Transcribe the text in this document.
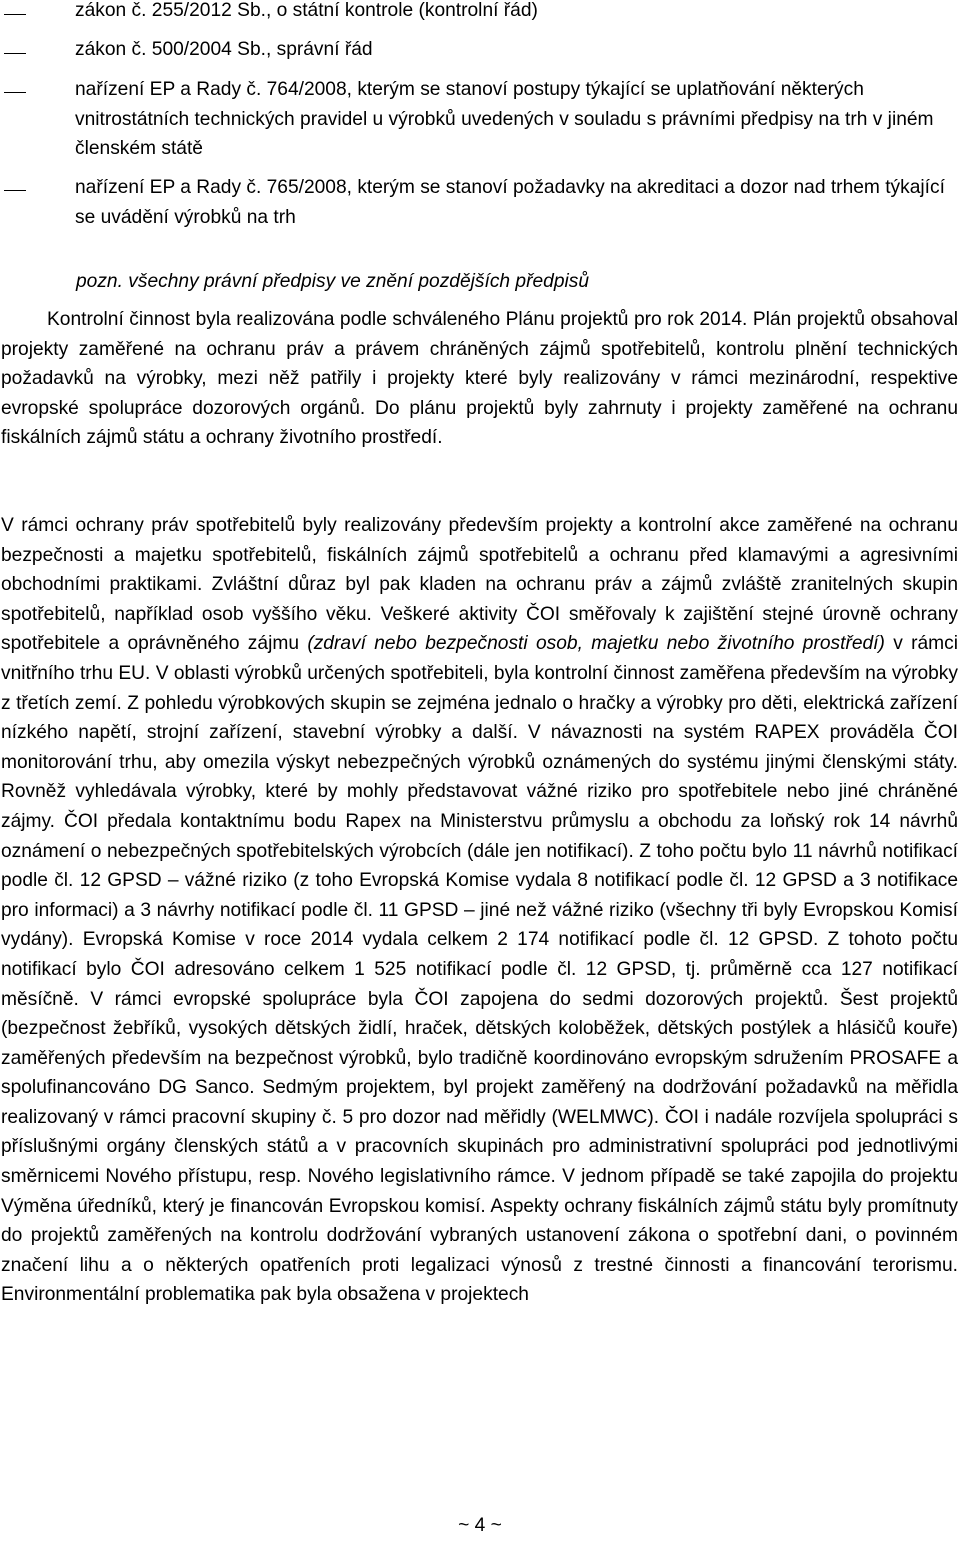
zákon č. 255/2012 Sb., o státní kontrole (kontrolní řád)
zákon č. 500/2004 Sb., správní řád
nařízení EP a Rady č. 764/2008, kterým se stanoví postupy týkající se uplatňování některých vnitrostátních technických pravidel u výrobků uvedených v souladu s právními předpisy na trh v jiném členském státě
nařízení EP a Rady č. 765/2008, kterým se stanoví požadavky na akreditaci a dozor nad trhem týkající se uvádění výrobků na trh
pozn. všechny právní předpisy ve znění pozdějších předpisů
Kontrolní činnost byla realizována podle schváleného Plánu projektů pro rok 2014. Plán projektů obsahoval projekty zaměřené na ochranu práv a právem chráněných zájmů spotřebitelů, kontrolu plnění technických požadavků na výrobky, mezi něž patřily i projekty které byly realizovány v rámci mezinárodní, respektive evropské spolupráce dozorových orgánů. Do plánu projektů byly zahrnuty i projekty zaměřené na ochranu fiskálních zájmů státu a ochrany životního prostředí.
V rámci ochrany práv spotřebitelů byly realizovány především projekty a kontrolní akce zaměřené na ochranu bezpečnosti a majetku spotřebitelů, fiskálních zájmů spotřebitelů a ochranu před klamavými a agresivními obchodními praktikami. Zvláštní důraz byl pak kladen na ochranu práv a zájmů zvláště zranitelných skupin spotřebitelů, například osob vyššího věku. Veškeré aktivity ČOI směřovaly k zajištění stejné úrovně ochrany spotřebitele a oprávněného zájmu (zdraví nebo bezpečnosti osob, majetku nebo životního prostředí) v rámci vnitřního trhu EU. V oblasti výrobků určených spotřebiteli, byla kontrolní činnost zaměřena především na výrobky z třetích zemí. Z pohledu výrobkových skupin se zejména jednalo o hračky a výrobky pro děti, elektrická zařízení nízkého napětí, strojní zařízení, stavební výrobky a další. V návaznosti na systém RAPEX prováděla ČOI monitorování trhu, aby omezila výskyt nebezpečných výrobků oznámených do systému jinými členskými státy. Rovněž vyhledávala výrobky, které by mohly představovat vážné riziko pro spotřebitele nebo jiné chráněné zájmy. ČOI předala kontaktnímu bodu Rapex na Ministerstvu průmyslu a obchodu za loňský rok 14 návrhů oznámení o nebezpečných spotřebitelských výrobcích (dále jen notifikací). Z toho počtu bylo 11 návrhů notifikací podle čl. 12 GPSD – vážné riziko (z toho Evropská Komise vydala 8 notifikací podle čl. 12 GPSD a 3 notifikace pro informaci) a 3 návrhy notifikací podle čl. 11 GPSD – jiné než vážné riziko (všechny tři byly Evropskou Komisí vydány). Evropská Komise v roce 2014 vydala celkem 2 174 notifikací podle čl. 12 GPSD. Z tohoto počtu notifikací bylo ČOI adresováno celkem 1 525 notifikací podle čl. 12 GPSD, tj. průměrně cca 127 notifikací měsíčně. V rámci evropské spolupráce byla ČOI zapojena do sedmi dozorových projektů. Šest projektů (bezpečnost žebříků, vysokých dětských židlí, hraček, dětských koloběžek, dětských postýlek a hlásičů kouře) zaměřených především na bezpečnost výrobků, bylo tradičně koordinováno evropským sdružením PROSAFE a spolufinancováno DG Sanco. Sedmým projektem, byl projekt zaměřený na dodržování požadavků na měřidla realizovaný v rámci pracovní skupiny č. 5 pro dozor nad měřidly (WELMWC). ČOI i nadále rozvíjela spolupráci s příslušnými orgány členských států a v pracovních skupinách pro administrativní spolupráci pod jednotlivými směrnicemi Nového přístupu, resp. Nového legislativního rámce. V jednom případě se také zapojila do projektu Výměna úředníků, který je financován Evropskou komisí. Aspekty ochrany fiskálních zájmů státu byly promítnuty do projektů zaměřených na kontrolu dodržování vybraných ustanovení zákona o spotřební dani, o povinném značení lihu a o některých opatřeních proti legalizaci výnosů z trestné činnosti a financování terorismu. Environmentální problematika pak byla obsažena v projektech
~ 4 ~
